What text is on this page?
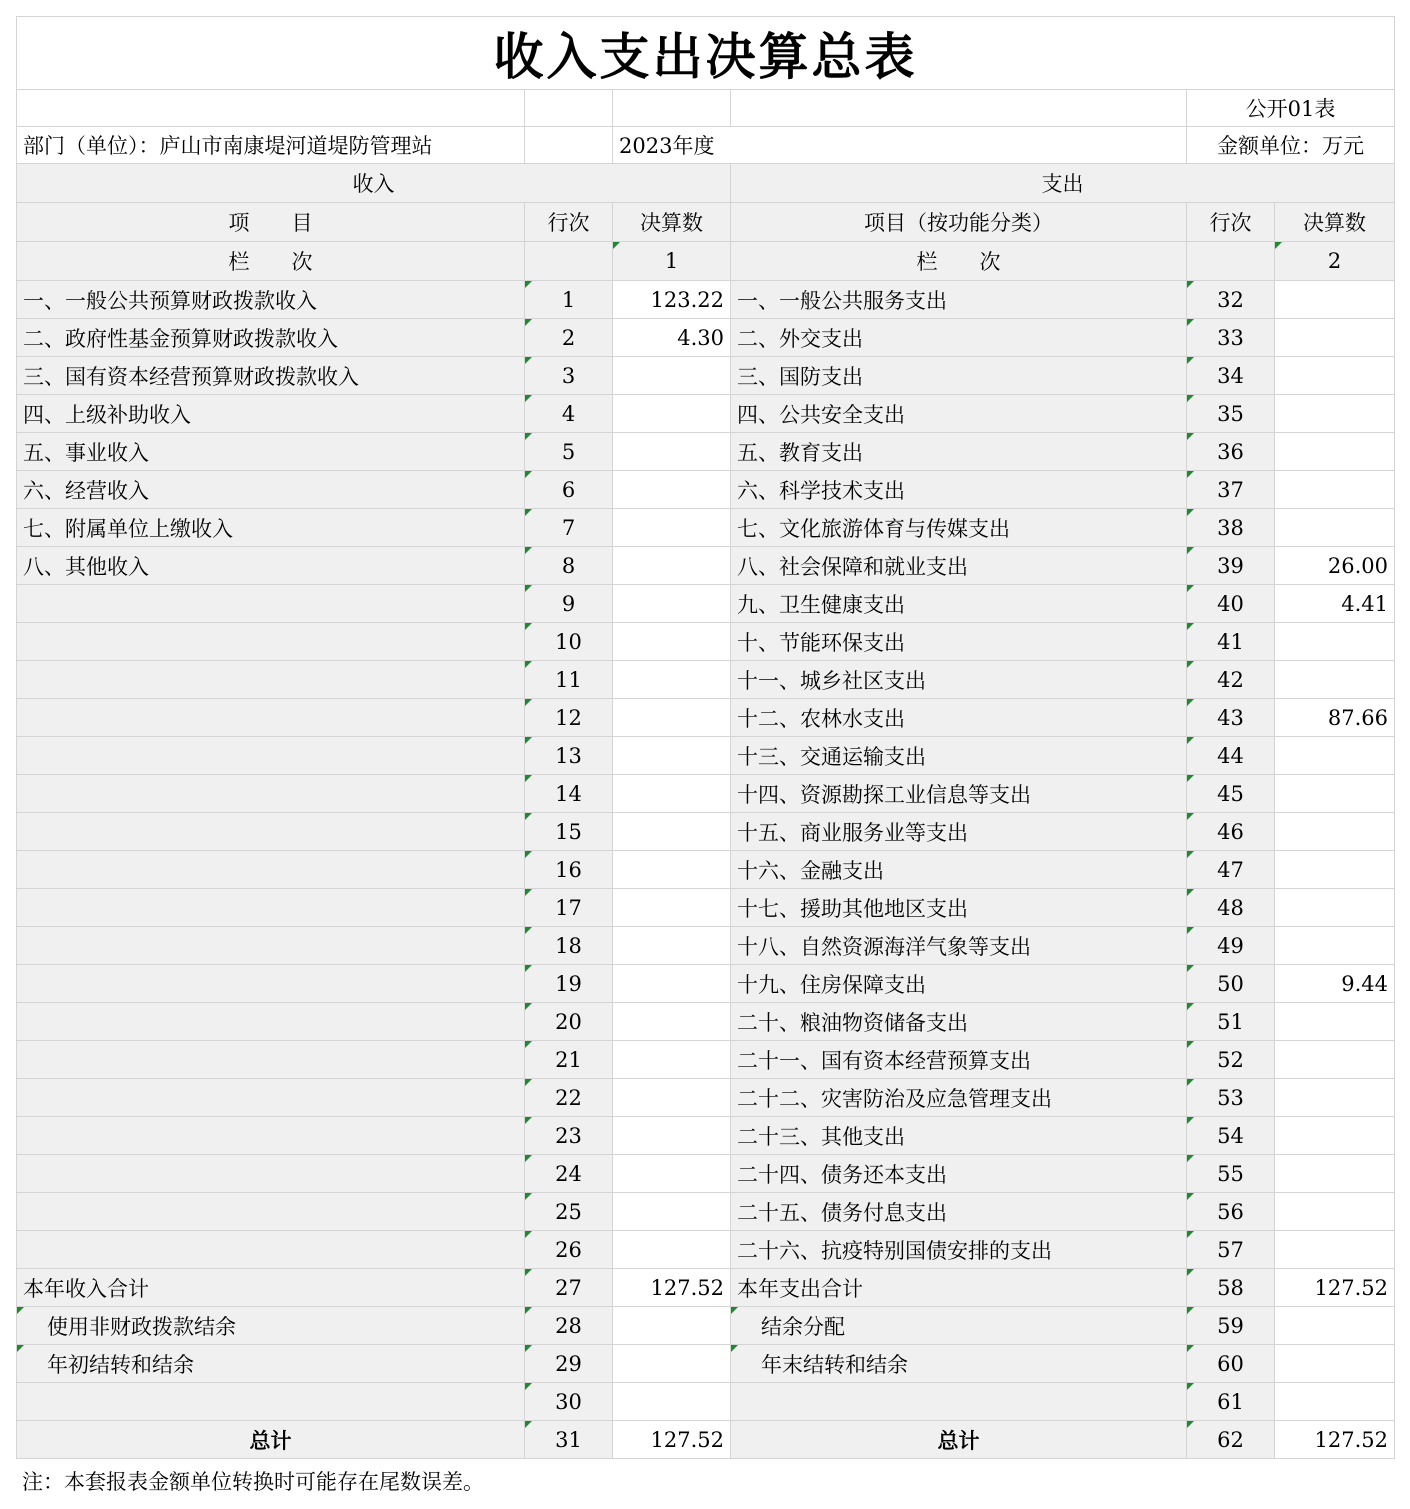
收入支出决算总表					
				公开01表	
部门（单位）：庐山市南康堤河道堤防管理站		2023年度		金额单位：万元	
收入			支出		
项　　目	行次	决算数	项目（按功能分类）	行次	决算数
栏　　次		1	栏　　次		2
一、一般公共预算财政拨款收入	1	123.22	一、一般公共服务支出	32	
二、政府性基金预算财政拨款收入	2	4.30	二、外交支出	33	
三、国有资本经营预算财政拨款收入	3		三、国防支出	34	
四、上级补助收入	4		四、公共安全支出	35	
五、事业收入	5		五、教育支出	36	
六、经营收入	6		六、科学技术支出	37	
七、附属单位上缴收入	7		七、文化旅游体育与传媒支出	38	
八、其他收入	8		八、社会保障和就业支出	39	26.00
	9		九、卫生健康支出	40	4.41
	10		十、节能环保支出	41	
	11		十一、城乡社区支出	42	
	12		十二、农林水支出	43	87.66
	13		十三、交通运输支出	44	
	14		十四、资源勘探工业信息等支出	45	
	15		十五、商业服务业等支出	46	
	16		十六、金融支出	47	
	17		十七、援助其他地区支出	48	
	18		十八、自然资源海洋气象等支出	49	
	19		十九、住房保障支出	50	9.44
	20		二十、粮油物资储备支出	51	
	21		二十一、国有资本经营预算支出	52	
	22		二十二、灾害防治及应急管理支出	53	
	23		二十三、其他支出	54	
	24		二十四、债务还本支出	55	
	25		二十五、债务付息支出	56	
	26		二十六、抗疫特别国债安排的支出	57	
本年收入合计	27	127.52	本年支出合计	58	127.52
使用非财政拨款结余	28		结余分配	59	
年初结转和结余	29		年末结转和结余	60	
	30			61	
总计	31	127.52	总计	62	127.52
注：本套报表金额单位转换时可能存在尾数误差。
